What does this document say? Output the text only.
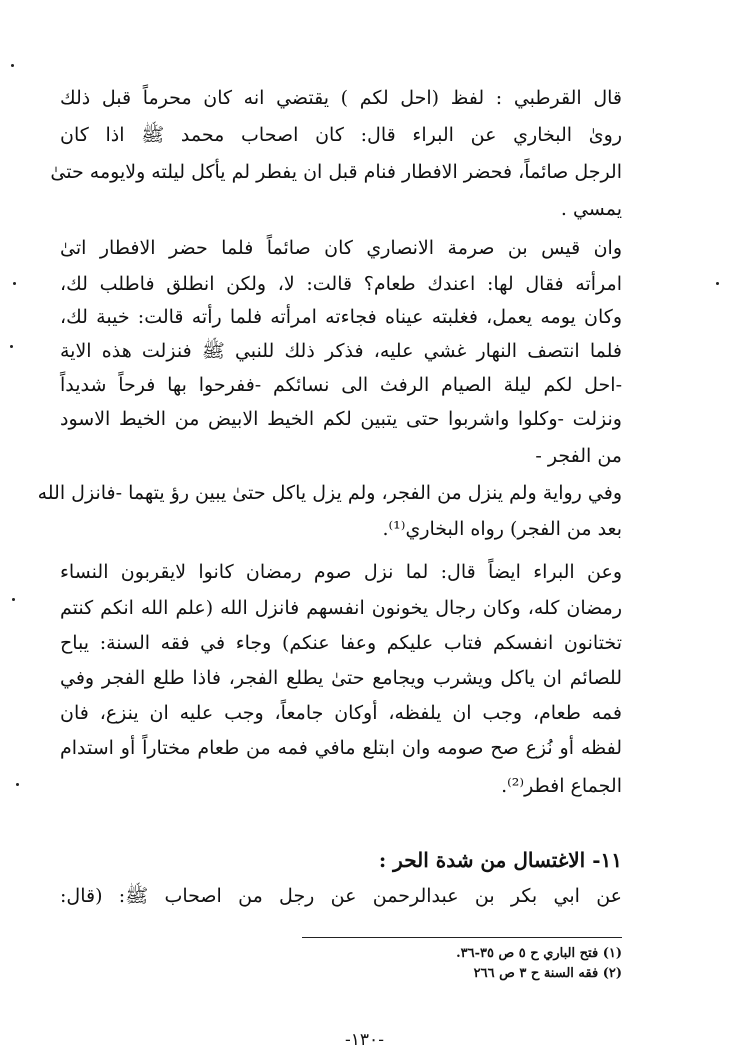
قال القرطبي : لفظ (احل لكم ) يقتضي انه كان محرماً قبل ذلك
روىٰ البخاري عن البراء قال: كان اصحاب محمد ﷺ اذا كان
الرجل صائماً، فحضر الافطار فنام قبل ان يفطر لم يأكل ليلته ولايومه حتىٰ
يمسي .
وان قيس بن صرمة الانصاري كان صائماً فلما حضر الافطار اتىٰ
امرأته فقال لها: اعندك طعام؟ قالت: لا، ولكن انطلق فاطلب لك،
وكان يومه يعمل، فغلبته عيناه فجاءته امرأته فلما رأته قالت: خيبة لك،
فلما انتصف النهار غشي عليه، فذكر ذلك للنبي ﷺ فنزلت هذه الاية
-احل لكم ليلة الصيام الرفث الى نسائكم -ففرحوا بها فرحاً شديداً
ونزلت -وكلوا واشربوا حتى يتبين لكم الخيط الابيض من الخيط الاسود
من الفجر -
وفي رواية ولم ينزل من الفجر، ولم يزل ياكل حتىٰ يبين رؤ يتهما -فانزل الله
بعد من الفجر) رواه البخاري⁽¹⁾.
وعن البراء ايضاً قال: لما نزل صوم رمضان كانوا لايقربون النساء
رمضان كله، وكان رجال يخونون انفسهم فانزل الله (علم الله انكم كنتم
تختانون انفسكم فتاب عليكم وعفا عنكم) وجاء في فقه السنة: يباح
للصائم ان ياكل ويشرب ويجامع حتىٰ يطلع الفجر، فاذا طلع الفجر وفي
فمه طعام، وجب ان يلفظه، أوكان جامعاً، وجب عليه ان ينزع، فان
لفظه أو نُزع صح صومه وان ابتلع مافي فمه من طعام مختاراً أو استدام
الجماع افطر⁽²⁾.
١١- الاغتسال من شدة الحر :
عن ابي بكر بن عبدالرحمن عن رجل من اصحاب ﷺ: (قال:
(١) فتح الباري ح ٥ ص ٣٥-٣٦.
(٢) فقه السنة ح ٣ ص ٢٦٦
-١٣٠-
